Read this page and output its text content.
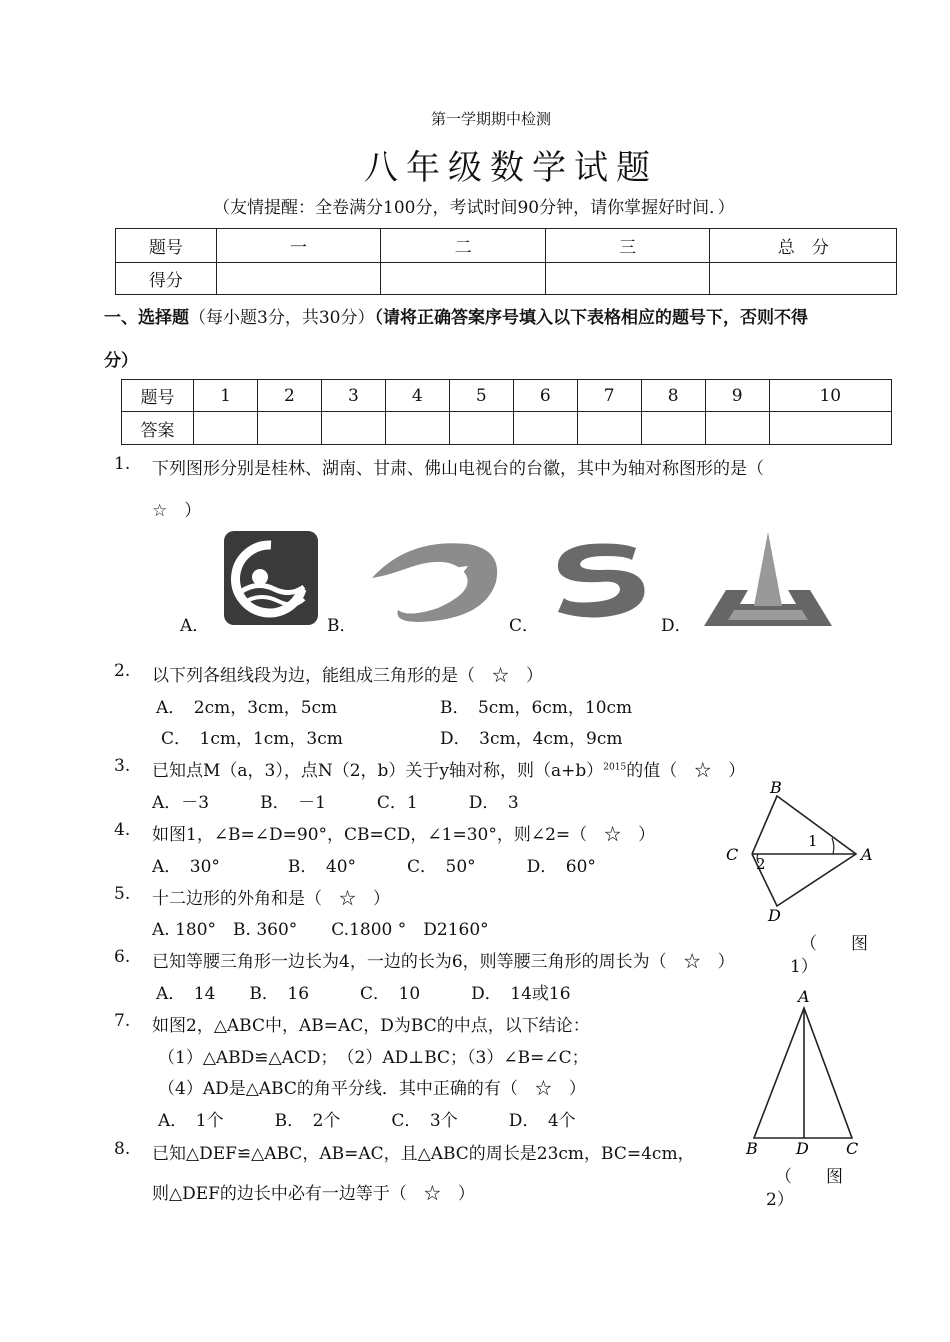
第一学期期中检测
八年级数学试题
（友情提醒：全卷满分100分，考试时间90分钟，请你掌握好时间．）
题号	一	二	三	总　分
得分				
一、选择题（每小题3分，共30分）（请将正确答案序号填入以下表格相应的题号下，否则不得
分）
题号	1	2	3	4	5	6	7	8	9	10
答案										
1. 下列图形分别是桂林、湖南、甘肃、佛山电视台的台徽，其中为轴对称图形的是（
☆　）
A．	B．	C．	D．
2. 以下列各组线段为边，能组成三角形的是（　☆　）
A．　2cm，3cm，5cm	B．　5cm，6cm，10cm
C．　1cm，1cm，3cm	D．　3cm，4cm，9cm
3. 已知点M（a，3），点N（2，b）关于y轴对称，则$(a+b)^{2015}$的值（　☆　）
A．－3　　　B．　－1　　　C．1　　　D．　3
4. 如图1，∠B=∠D=90°，CB=CD，∠1=30°，则∠2=（　☆　）
A．　30°　　　　B．　40°　　　C．　50°　　　D．　60°
5. 十二边形的外角和是（　☆　）
A. 180°　B. 360°　　C.1800 °　D2160°
6. 已知等腰三角形一边长为4，一边的长为6，则等腰三角形的周长为（　☆　）
A．　14　　B．　16　　　C．　10　　　D．　14或16
7. 如图2，△ABC中，AB=AC，D为BC的中点，以下结论：
（1）△ABD≌△ACD；　（2）AD⊥BC；（3）∠B=∠C；
（4）AD是△ABC的角平分线．其中正确的有（　☆　）
A．　1个　　　B．　2个　　　C．　3个　　　D．　4个
8. 已知△DEF≌△ABC，AB=AC，且△ABC的周长是23cm，BC=4cm，
则△DEF的边长中必有一边等于（　☆　）
B
C	A
D
1
2
（　　图
1）
A
B D C
（　　图
2）
